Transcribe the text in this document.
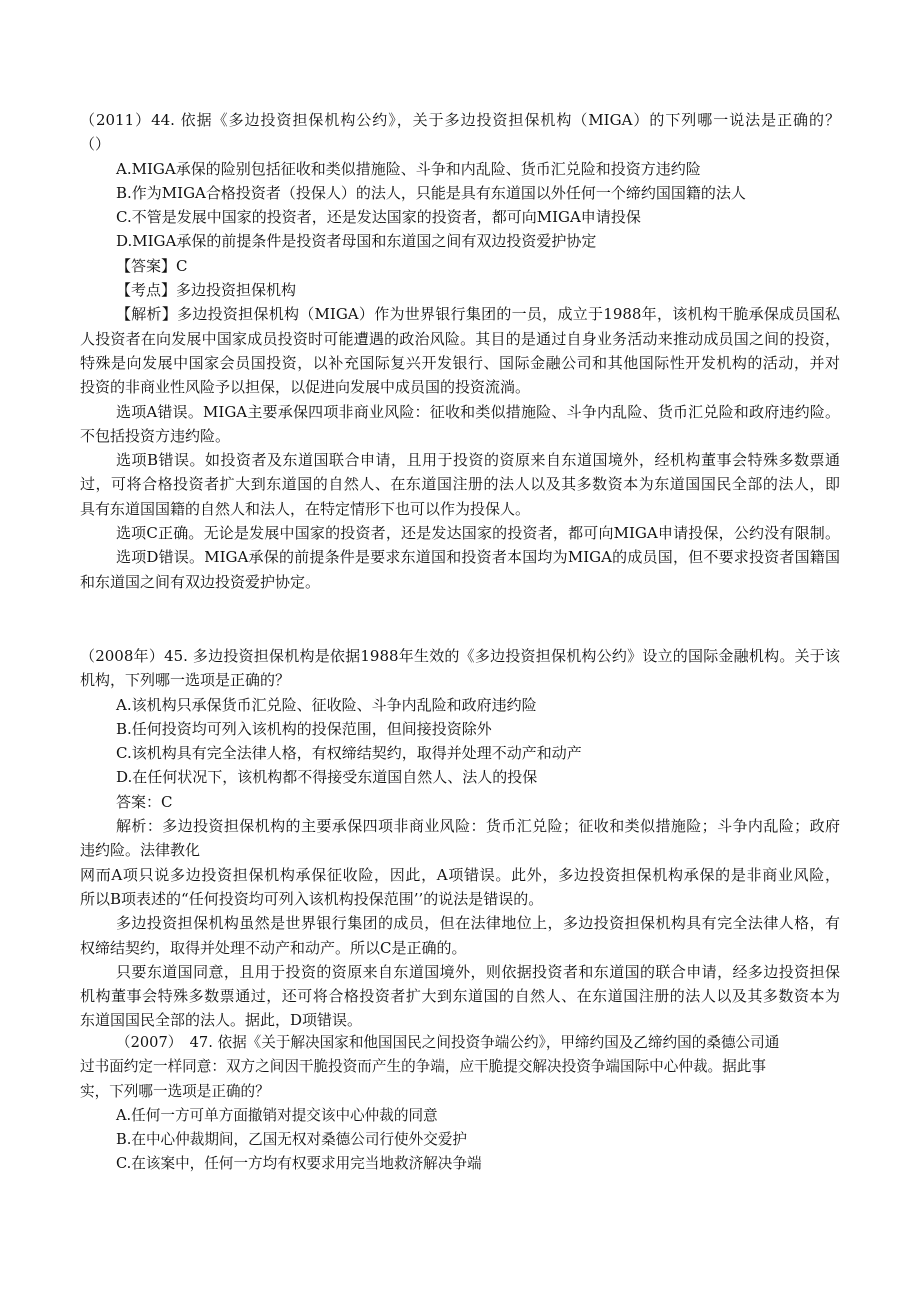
（2011）44. 依据《多边投资担保机构公约》，关于多边投资担保机构（MIGA）的下列哪一说法是正确的？
（）
A.MIGA承保的险别包括征收和类似措施险、斗争和内乱险、货币汇兑险和投资方违约险
B.作为MIGA合格投资者（投保人）的法人，只能是具有东道国以外任何一个缔约国国籍的法人
C.不管是发展中国家的投资者，还是发达国家的投资者，都可向MIGA申请投保
D.MIGA承保的前提条件是投资者母国和东道国之间有双边投资爱护协定
【答案】C
【考点】多边投资担保机构
【解析】多边投资担保机构（MIGA）作为世界银行集团的一员，成立于1988年，该机构干脆承保成员国私
人投资者在向发展中国家成员投资时可能遭遇的政治风险。其目的是通过自身业务活动来推动成员国之间的投资，
特殊是向发展中国家会员国投资，以补充国际复兴开发银行、国际金融公司和其他国际性开发机构的活动，并对
投资的非商业性风险予以担保，以促进向发展中成员国的投资流淌。
选项A错误。MIGA主要承保四项非商业风险：征收和类似措施险、斗争内乱险、货币汇兑险和政府违约险。
不包括投资方违约险。
选项B错误。如投资者及东道国联合申请，且用于投资的资原来自东道国境外，经机构董事会特殊多数票通
过，可将合格投资者扩大到东道国的自然人、在东道国注册的法人以及其多数资本为东道国国民全部的法人，即
具有东道国国籍的自然人和法人，在特定情形下也可以作为投保人。
选项C正确。无论是发展中国家的投资者，还是发达国家的投资者，都可向MIGA申请投保，公约没有限制。
选项D错误。MIGA承保的前提条件是要求东道国和投资者本国均为MIGA的成员国，但不要求投资者国籍国
和东道国之间有双边投资爱护协定。
（2008年）45. 多边投资担保机构是依据1988年生效的《多边投资担保机构公约》设立的国际金融机构。关于该
机构，下列哪一选项是正确的？
A.该机构只承保货币汇兑险、征收险、斗争内乱险和政府违约险
B.任何投资均可列入该机构的投保范围，但间接投资除外
C.该机构具有完全法律人格，有权缔结契约，取得并处理不动产和动产
D.在任何状况下，该机构都不得接受东道国自然人、法人的投保
答案：C
解析：多边投资担保机构的主要承保四项非商业风险：货币汇兑险；征收和类似措施险；斗争内乱险；政府
违约险。法律教化
网而A项只说多边投资担保机构承保征收险，因此，A项错误。此外，多边投资担保机构承保的是非商业风险，
所以B项表述的“任何投资均可列入该机构投保范围’’的说法是错误的。
多边投资担保机构虽然是世界银行集团的成员，但在法律地位上，多边投资担保机构具有完全法律人格，有
权缔结契约，取得并处理不动产和动产。所以C是正确的。
只要东道国同意，且用于投资的资原来自东道国境外，则依据投资者和东道国的联合申请，经多边投资担保
机构董事会特殊多数票通过，还可将合格投资者扩大到东道国的自然人、在东道国注册的法人以及其多数资本为
东道国国民全部的法人。据此，D项错误。
（2007）　47. 依据《关于解决国家和他国国民之间投资争端公约》，甲缔约国及乙缔约国的桑德公司通
过书面约定一样同意：双方之间因干脆投资而产生的争端，应干脆提交解决投资争端国际中心仲裁。据此事
实，下列哪一选项是正确的？
A.任何一方可单方面撤销对提交该中心仲裁的同意
B.在中心仲裁期间，乙国无权对桑德公司行使外交爱护
C.在该案中，任何一方均有权要求用完当地救济解决争端
